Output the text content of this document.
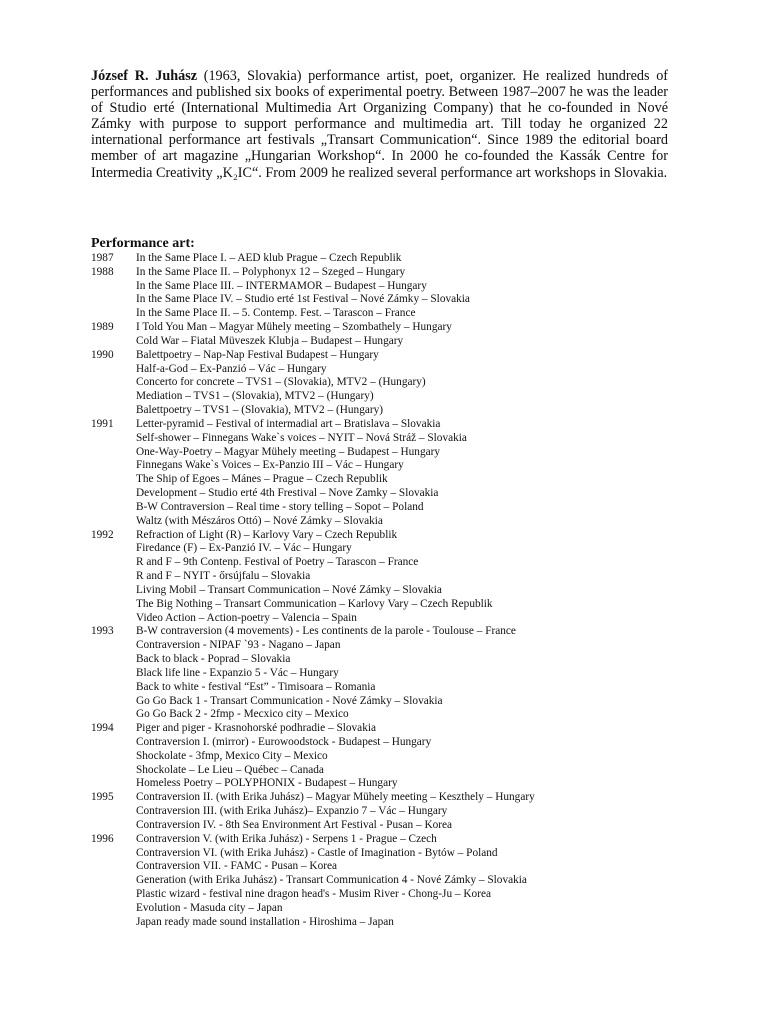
József R. Juhász (1963, Slovakia) performance artist, poet, organizer. He realized hundreds of performances and published six books of experimental poetry. Between 1987–2007 he was the leader of Studio erté (International Multimedia Art Organizing Company) that he co-founded in Nové Zámky with purpose to support performance and multimedia art. Till today he organized 22 international performance art festivals „Transart Communication“. Since 1989 the editorial board member of art magazine „Hungarian Workshop“. In 2000 he co-founded the Kassák Centre for Intermedia Creativity „K₂IC“. From 2009 he realized several performance art workshops in Slovakia.

Performance art:
1987 In the Same Place I. – AED klub Prague – Czech Republik
1988 In the Same Place II. – Polyphonyx 12 – Szeged – Hungary
In the Same Place III. – INTERMAMOR – Budapest – Hungary
In the Same Place IV. – Studio erté 1st Festival – Nové Zámky – Slovakia
In the Same Place II. – 5. Contemp. Fest. – Tarascon – France
1989 I Told You Man – Magyar Mühely meeting – Szombathely – Hungary
Cold War – Fiatal Müveszek Klubja – Budapest – Hungary
1990 Balettpoetry – Nap-Nap Festival Budapest – Hungary
Half-a-God – Ex-Panzió – Vác – Hungary
Concerto for concrete – TVS1 – (Slovakia), MTV2 – (Hungary)
Mediation – TVS1 – (Slovakia), MTV2 – (Hungary)
Balettpoetry – TVS1 – (Slovakia), MTV2 – (Hungary)
1991 Letter-pyramid – Festival of intermadial art – Bratislava – Slovakia
Self-shower – Finnegans Wake`s voices – NYIT – Nová Stráž – Slovakia
One-Way-Poetry – Magyar Mühely meeting – Budapest – Hungary
Finnegans Wake`s Voices – Ex-Panzio III – Vác – Hungary
The Ship of Egoes – Mánes – Prague – Czech Republik
Development – Studio erté 4th Frestival – Nove Zamky – Slovakia
B-W Contraversion – Real time - story telling – Sopot – Poland
Waltz (with Mészáros Ottó) – Nové Zámky – Slovakia
1992 Refraction of Light (R) – Karlovy Vary – Czech Republik
Firedance (F) – Ex-Panzió IV. – Vác – Hungary
R and F – 9th Contenp. Festival of Poetry – Tarascon – France
R and F – NYIT - őrsújfalu – Slovakia
Living Mobil – Transart Communication – Nové Zámky – Slovakia
The Big Nothing – Transart Communication – Karlovy Vary – Czech Republik
Video Action – Action-poetry – Valencia – Spain
1993 B-W contraversion (4 movements) - Les continents de la parole - Toulouse – France
Contraversion - NIPAF `93 - Nagano – Japan
Back to black - Poprad – Slovakia
Black life line - Expanzio 5 - Vác – Hungary
Back to white - festival “Est” - Timisoara – Romania
Go Go Back 1 - Transart Communication - Nové Zámky – Slovakia
Go Go Back 2 - 2fmp - Mecxico city – Mexico
1994 Piger and piger - Krasnohorské podhradie – Slovakia
Contraversion I. (mirror) - Eurowoodstock - Budapest – Hungary
Shockolate - 3fmp, Mexico City – Mexico
Shockolate – Le Lieu – Québec – Canada
Homeless Poetry – POLYPHONIX - Budapest – Hungary
1995 Contraversion II. (with Erika Juhász) – Magyar Mühely meeting – Keszthely – Hungary
Contraversion III. (with Erika Juhász)– Expanzio 7 – Vác – Hungary
Contraversion IV. - 8th Sea Environment Art Festival - Pusan – Korea
1996 Contraversion V. (with Erika Juhász) - Serpens 1 - Prague – Czech
Contraversion VI. (with Erika Juhász) - Castle of Imagination - Bytów – Poland
Contraversion VII. - FAMC - Pusan – Korea
Generation (with Erika Juhász) - Transart Communication 4 - Nové Zámky – Slovakia
Plastic wizard - festival nine dragon head's - Musim River - Chong-Ju – Korea
Evolution - Masuda city – Japan
Japan ready made sound installation - Hiroshima – Japan
